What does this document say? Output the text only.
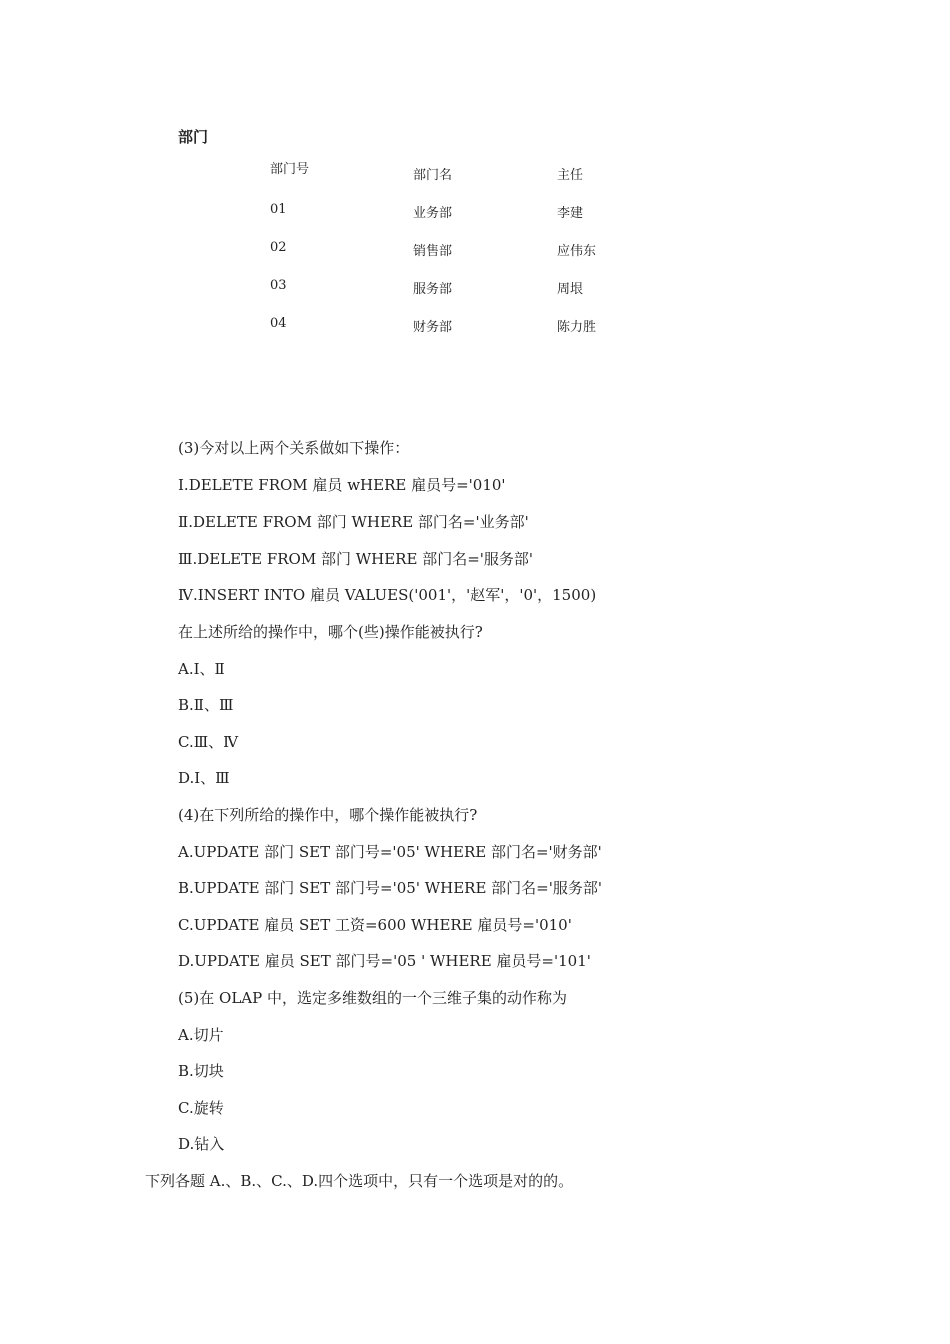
部门
部门号	部门名	主任
01	业务部	李建
02	销售部	应伟东
03	服务部	周垠
04	财务部	陈力胜
(3)今对以上两个关系做如下操作：
Ⅰ.DELETE FROM 雇员 wHERE 雇员号='010'
Ⅱ.DELETE FROM 部门 WHERE 部门名='业务部'
Ⅲ.DELETE FROM 部门 WHERE 部门名='服务部'
Ⅳ.INSERT INTO 雇员 VALUES('001'，'赵军'，'0'，1500)
在上述所给的操作中，哪个(些)操作能被执行?
A.Ⅰ、Ⅱ
B.Ⅱ、Ⅲ
C.Ⅲ、Ⅳ
D.Ⅰ、Ⅲ
(4)在下列所给的操作中，哪个操作能被执行?
A.UPDATE 部门 SET 部门号='05' WHERE 部门名='财务部'
B.UPDATE 部门 SET 部门号='05' WHERE 部门名='服务部'
C.UPDATE 雇员 SET 工资=600 WHERE 雇员号='010'
D.UPDATE 雇员 SET 部门号='05 ' WHERE 雇员号='101'
(5)在 OLAP 中，选定多维数组的一个三维子集的动作称为
A.切片
B.切块
C.旋转
D.钻入
下列各题 A.、B.、C.、D.四个选项中，只有一个选项是对的的。
